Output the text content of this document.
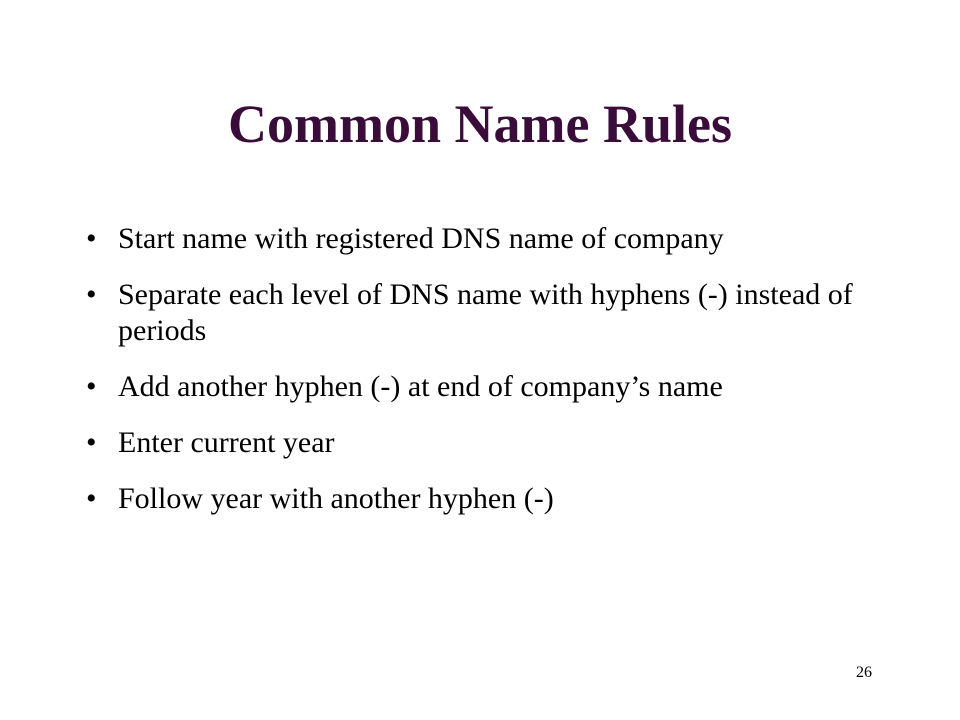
Common Name Rules
• Start name with registered DNS name of company
• Separate each level of DNS name with hyphens (-) instead of periods
• Add another hyphen (-) at end of company’s name
• Enter current year
• Follow year with another hyphen (-)
26
